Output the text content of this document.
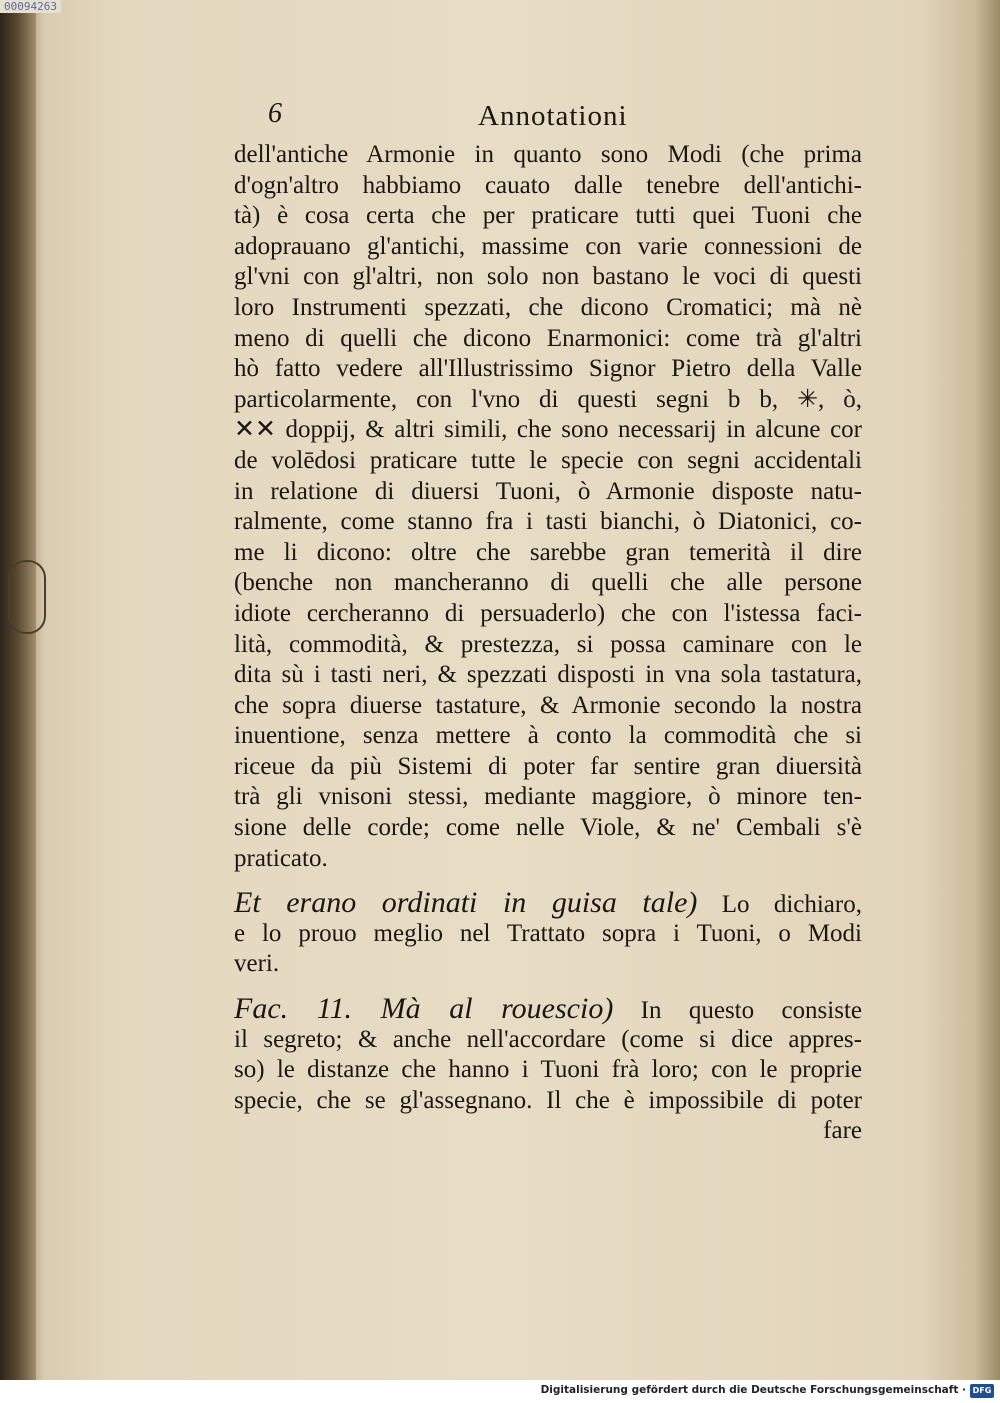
00094263
6	Annotationi
dell'antiche Armonie in quanto sono Modi (che prima
d'ogn'altro habbiamo cauato dalle tenebre dell'antichi-
tà) è cosa certa che per praticare tutti quei Tuoni che
adoprauano gl'antichi, massime con varie connessioni de
gl'vni con gl'altri, non solo non bastano le voci di questi
loro Instrumenti spezzati, che dicono Cromatici; mà nè
meno di quelli che dicono Enarmonici: come trà gl'altri
hò fatto vedere all'Illustrissimo Signor Pietro della Valle
particolarmente, con l'vno di questi segni b b, ✳, ò,
✕✕ doppij, & altri simili, che sono necessarij in alcune cor
de volēdosi praticare tutte le specie con segni accidentali
in relatione di diuersi Tuoni, ò Armonie disposte natu-
ralmente, come stanno fra i tasti bianchi, ò Diatonici, co-
me li dicono: oltre che sarebbe gran temerità il dire
(benche non mancheranno di quelli che alle persone
idiote cercheranno di persuaderlo) che con l'istessa faci-
lità, commodità, & prestezza, si possa caminare con le
dita sù i tasti neri, & spezzati disposti in vna sola tastatura,
che sopra diuerse tastature, & Armonie secondo la nostra
inuentione, senza mettere à conto la commodità che si
riceue da più Sistemi di poter far sentire gran diuersità
trà gli vnisoni stessi, mediante maggiore, ò minore ten-
sione delle corde; come nelle Viole, & ne' Cembali s'è
praticato.
Et erano ordinati in guisa tale) Lo dichiaro,
e lo prouo meglio nel Trattato sopra i Tuoni, o Modi
veri.
Fac. 11. Mà al rouescio) In questo consiste
il segreto; & anche nell'accordare (come si dice appres-
so) le distanze che hanno i Tuoni frà loro; con le proprie
specie, che se gl'assegnano. Il che è impossibile di poter
fare
Digitalisierung gefördert durch die Deutsche Forschungsgemeinschaft · DFG
